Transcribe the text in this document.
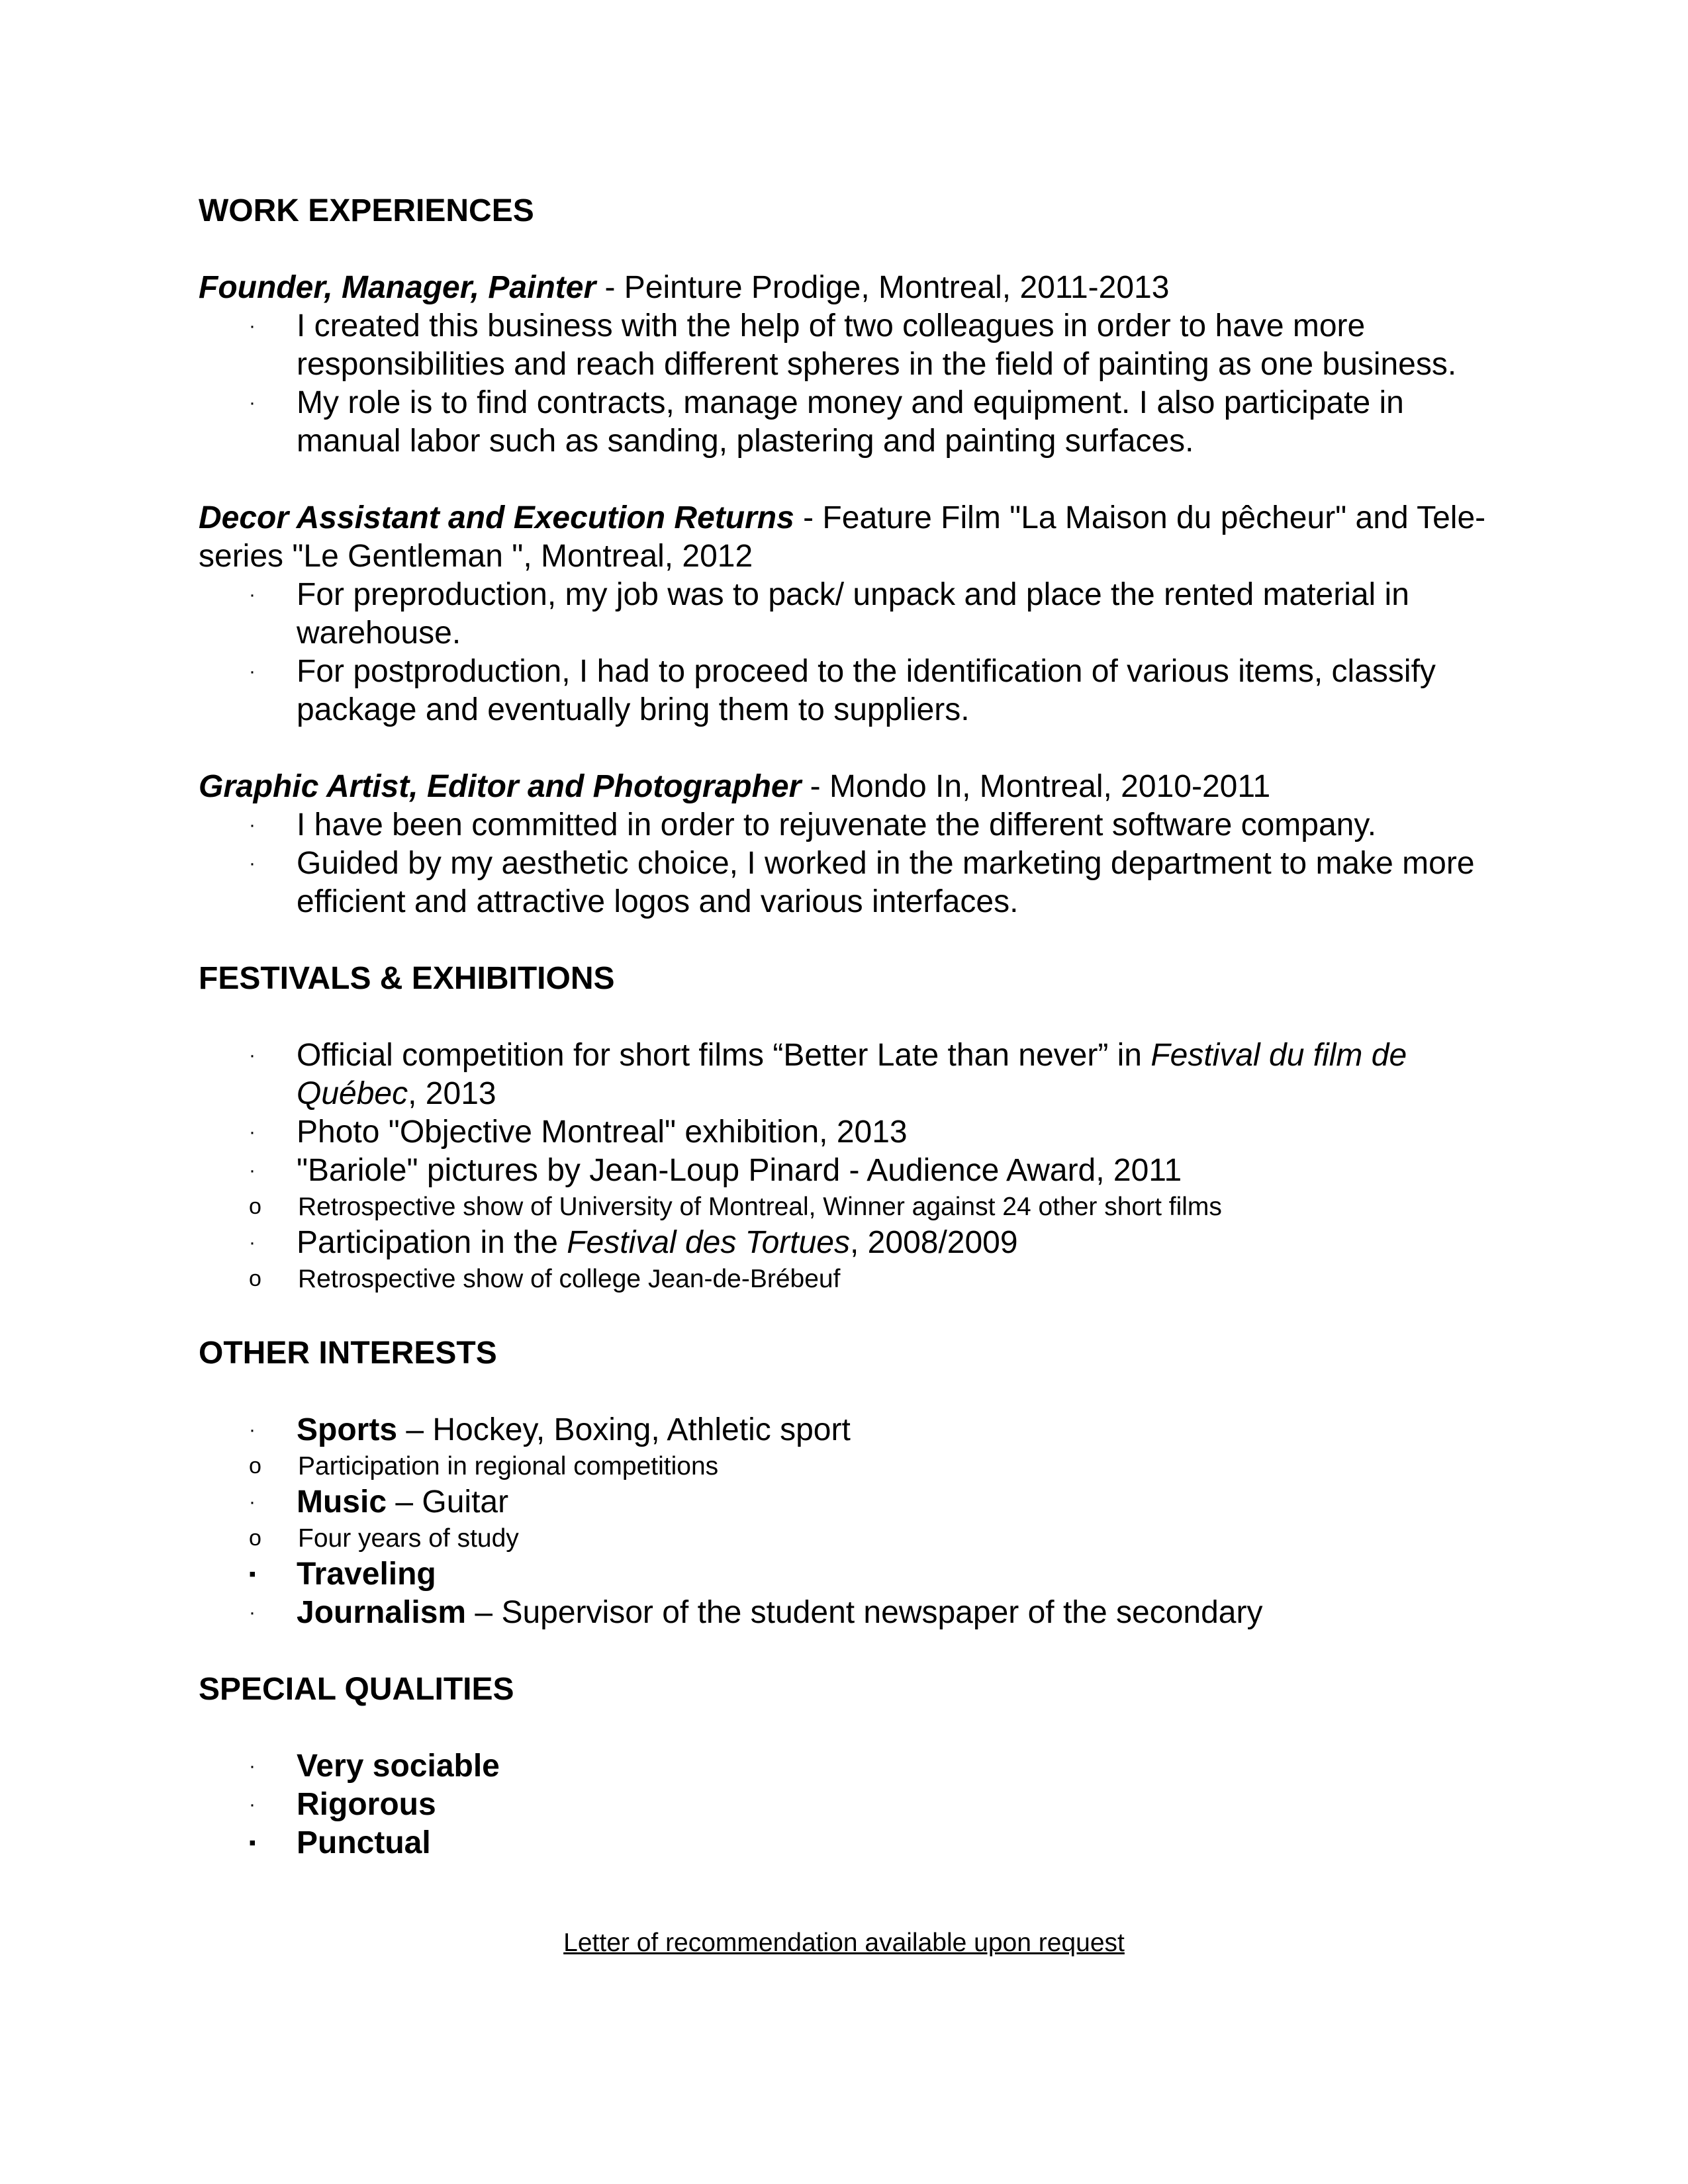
WORK EXPERIENCES

Founder, Manager, Painter - Peinture Prodige, Montreal, 2011-2013

· I created this business with the help of two colleagues in order to have more responsibilities and reach different spheres in the field of painting as one business.
· My role is to find contracts, manage money and equipment. I also participate in manual labor such as sanding, plastering and painting surfaces.

Decor Assistant and Execution Returns - Feature Film "La Maison du pêcheur" and Tele-series "Le Gentleman ", Montreal, 2012

· For preproduction, my job was to pack/ unpack and place the rented material in warehouse.
· For postproduction, I had to proceed to the identification of various items, classify package and eventually bring them to suppliers.

Graphic Artist, Editor and Photographer - Mondo In, Montreal, 2010-2011

· I have been committed in order to rejuvenate the different software company.
· Guided by my aesthetic choice, I worked in the marketing department to make more efficient and attractive logos and various interfaces.

FESTIVALS & EXHIBITIONS

· Official competition for short films “Better Late than never” in Festival du film de Québec, 2013
· Photo "Objective Montreal" exhibition, 2013
· "Bariole" pictures by Jean-Loup Pinard - Audience Award, 2011
o Retrospective show of University of Montreal, Winner against 24 other short films
· Participation in the Festival des Tortues, 2008/2009
o Retrospective show of college Jean-de-Brébeuf

OTHER INTERESTS

· Sports – Hockey, Boxing, Athletic sport
o Participation in regional competitions
· Music – Guitar
o Four years of study
▪ Traveling
· Journalism – Supervisor of the student newspaper of the secondary

SPECIAL QUALITIES

· Very sociable
· Rigorous
▪ Punctual
Letter of recommendation available upon request
